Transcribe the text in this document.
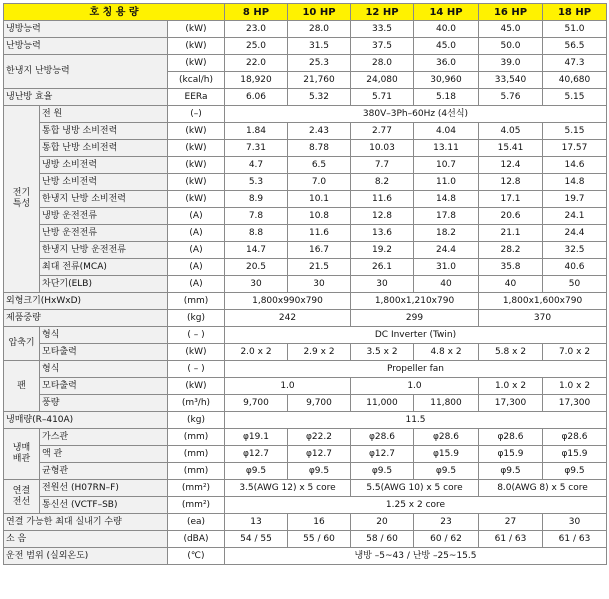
호 칭 용 량			8 HP	10 HP	12 HP	14 HP	16 HP	18 HP
냉방능력		(kW)	23.0	28.0	33.5	40.0	45.0	51.0
난방능력		(kW)	25.0	31.5	37.5	45.0	50.0	56.5
한냉지 난방능력		(kW)	22.0	25.3	28.0	36.0	39.0	47.3
		(kcal/h)	18,920	21,760	24,080	30,960	33,540	40,680
냉난방 효율		EERa	6.06	5.32	5.71	5.18	5.76	5.15
전기
특성	전 원	(–)	380V–3Ph–60Hz (4선식)					
	통합 냉방 소비전력	(kW)	1.84	2.43	2.77	4.04	4.05	5.15
	통합 난방 소비전력	(kW)	7.31	8.78	10.03	13.11	15.41	17.57
	냉방 소비전력	(kW)	4.7	6.5	7.7	10.7	12.4	14.6
	난방 소비전력	(kW)	5.3	7.0	8.2	11.0	12.8	14.8
	한냉지 난방 소비전력	(kW)	8.9	10.1	11.6	14.8	17.1	19.7
	냉방 운전전류	(A)	7.8	10.8	12.8	17.8	20.6	24.1
	난방 운전전류	(A)	8.8	11.6	13.6	18.2	21.1	24.4
	한냉지 난방 운전전류	(A)	14.7	16.7	19.2	24.4	28.2	32.5
	최대 전류(MCA)	(A)	20.5	21.5	26.1	31.0	35.8	40.6
	차단기(ELB)	(A)	30	30	30	40	40	50
외형크기(HxWxD)		(mm)	1,800x990x790		1,800x1,210x790		1,800x1,600x790	
제품중량		(kg)	242		299		370	
압축기	형식	( – )	DC Inverter (Twin)					
	모타출력	(kW)	2.0 x 2	2.9 x 2	3.5 x 2	4.8 x 2	5.8 x 2	7.0 x 2
팬	형식	( – )	Propeller fan					
	모타출력	(kW)	1.0		1.0		1.0 x 2	1.0 x 2
	풍량	(m³/h)	9,700	9,700	11,000	11,800	17,300	17,300
냉매량(R–410A)		(kg)	11.5					
냉매
배관	가스관	(mm)	φ19.1	φ22.2	φ28.6	φ28.6	φ28.6	φ28.6
	액 관	(mm)	φ12.7	φ12.7	φ12.7	φ15.9	φ15.9	φ15.9
	균형관	(mm)	φ9.5	φ9.5	φ9.5	φ9.5	φ9.5	φ9.5
연결
전선	전원선 (H07RN–F)	(mm²)	3.5(AWG 12) x 5 core		5.5(AWG 10) x 5 core		8.0(AWG 8) x 5 core	
	통신선 (VCTF–SB)	(mm²)	1.25 x 2 core					
연결 가능한 최대 실내기 수량		(ea)	13	16	20	23	27	30
소 음		(dBA)	54 / 55	55 / 60	58 / 60	60 / 62	61 / 63	61 / 63
운전 범위 (실외온도)		(℃)	냉방 –5~43 / 난방 –25~15.5					
